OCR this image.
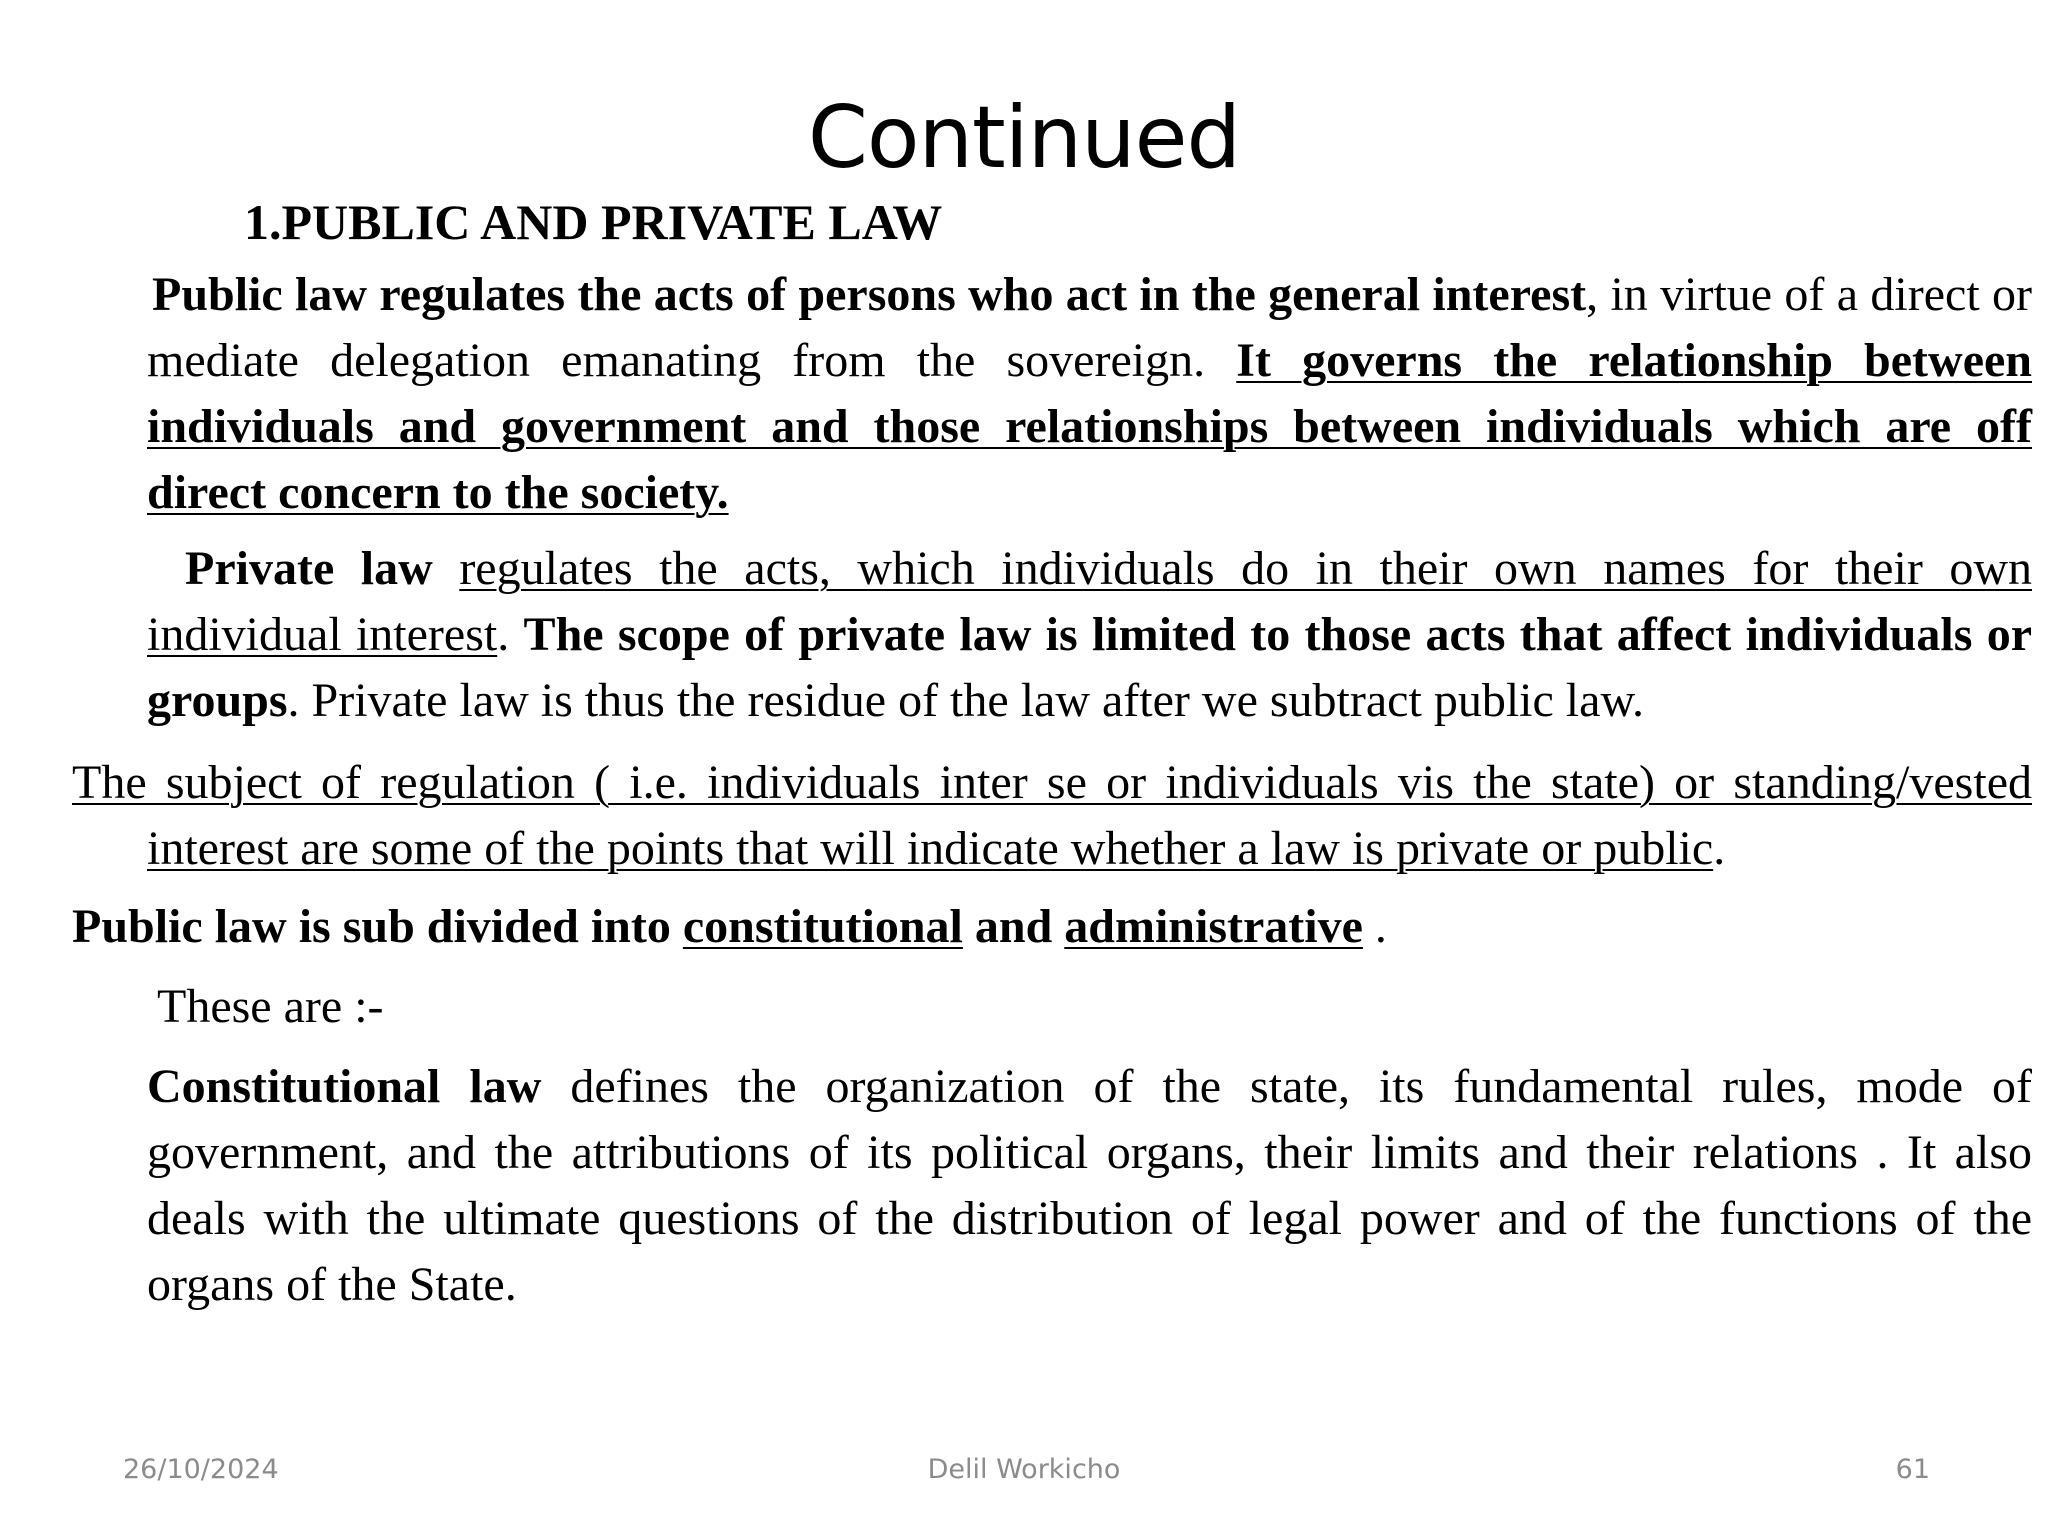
Continued

1.PUBLIC AND PRIVATE LAW

Public law regulates the acts of persons who act in the general interest, in virtue of a direct or mediate delegation emanating from the sovereign. It governs the relationship between individuals and government and those relationships between individuals which are off direct concern to the society.

Private law regulates the acts, which individuals do in their own names for their own individual interest. The scope of private law is limited to those acts that affect individuals or groups. Private law is thus the residue of the law after we subtract public law.

The subject of regulation ( i.e. individuals inter se or individuals vis the state) or standing/vested interest are some of the points that will indicate whether a law is private or public.

Public law is sub divided into constitutional and administrative .

These are :-

Constitutional law defines the organization of the state, its fundamental rules, mode of government, and the attributions of its political organs, their limits and their relations . It also deals with the ultimate questions of the distribution of legal power and of the functions of the organs of the State.

26/10/2024	Delil Workicho	61
